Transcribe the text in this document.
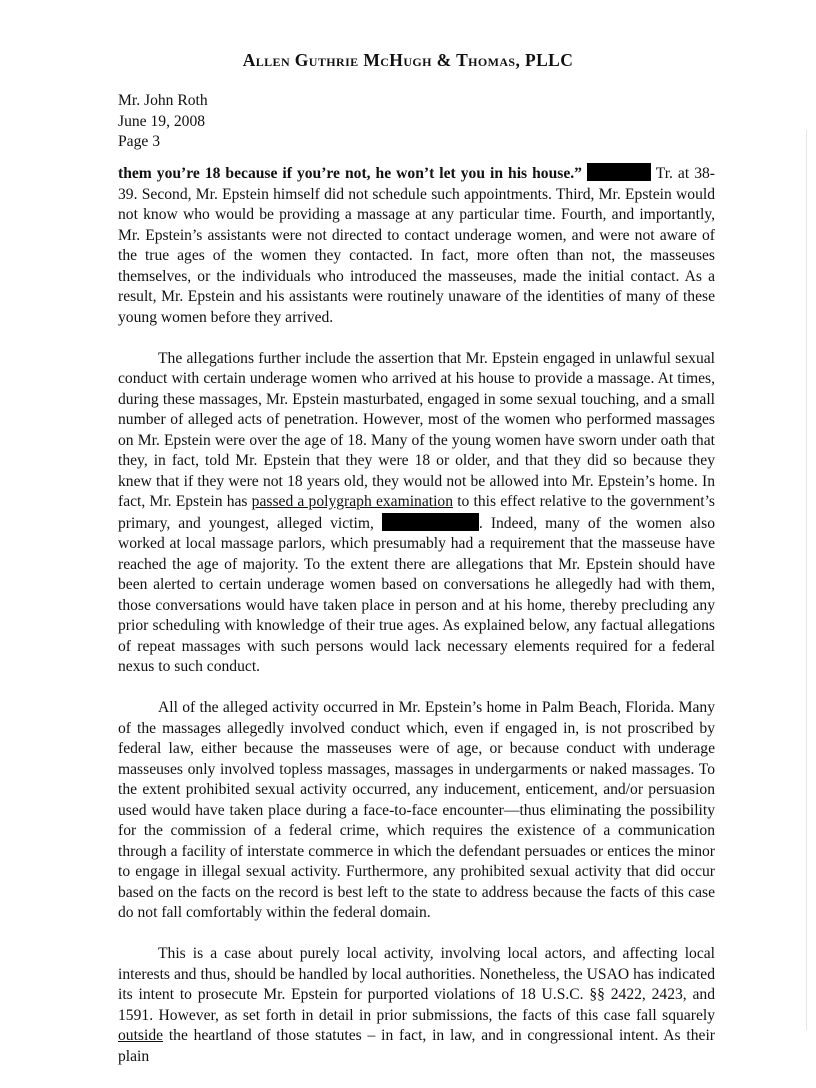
Allen Guthrie McHugh & Thomas, PLLC
Mr. John Roth
June 19, 2008
Page 3

them you’re 18 because if you’re not, he won’t let you in his house.”	Tr. at 38-39. Second, Mr. Epstein himself did not schedule such appointments. Third, Mr. Epstein would not know who would be providing a massage at any particular time. Fourth, and importantly, Mr. Epstein’s assistants were not directed to contact underage women, and were not aware of the true ages of the women they contacted. In fact, more often than not, the masseuses themselves, or the individuals who introduced the masseuses, made the initial contact. As a result, Mr. Epstein and his assistants were routinely unaware of the identities of many of these young women before they arrived.

The allegations further include the assertion that Mr. Epstein engaged in unlawful sexual conduct with certain underage women who arrived at his house to provide a massage. At times, during these massages, Mr. Epstein masturbated, engaged in some sexual touching, and a small number of alleged acts of penetration. However, most of the women who performed massages on Mr. Epstein were over the age of 18. Many of the young women have sworn under oath that they, in fact, told Mr. Epstein that they were 18 or older, and that they did so because they knew that if they were not 18 years old, they would not be allowed into Mr. Epstein’s home. In fact, Mr. Epstein has passed a polygraph examination to this effect relative to the government’s primary, and youngest, alleged victim,	. Indeed, many of the women also worked at local massage parlors, which presumably had a requirement that the masseuse have reached the age of majority. To the extent there are allegations that Mr. Epstein should have been alerted to certain underage women based on conversations he allegedly had with them, those conversations would have taken place in person and at his home, thereby precluding any prior scheduling with knowledge of their true ages. As explained below, any factual allegations of repeat massages with such persons would lack necessary elements required for a federal nexus to such conduct.

All of the alleged activity occurred in Mr. Epstein’s home in Palm Beach, Florida. Many of the massages allegedly involved conduct which, even if engaged in, is not proscribed by federal law, either because the masseuses were of age, or because conduct with underage masseuses only involved topless massages, massages in undergarments or naked massages. To the extent prohibited sexual activity occurred, any inducement, enticement, and/or persuasion used would have taken place during a face-to-face encounter—thus eliminating the possibility for the commission of a federal crime, which requires the existence of a communication through a facility of interstate commerce in which the defendant persuades or entices the minor to engage in illegal sexual activity. Furthermore, any prohibited sexual activity that did occur based on the facts on the record is best left to the state to address because the facts of this case do not fall comfortably within the federal domain.

This is a case about purely local activity, involving local actors, and affecting local interests and thus, should be handled by local authorities. Nonetheless, the USAO has indicated its intent to prosecute Mr. Epstein for purported violations of 18 U.S.C. §§ 2422, 2423, and 1591. However, as set forth in detail in prior submissions, the facts of this case fall squarely outside the heartland of those statutes – in fact, in law, and in congressional intent. As their plain
